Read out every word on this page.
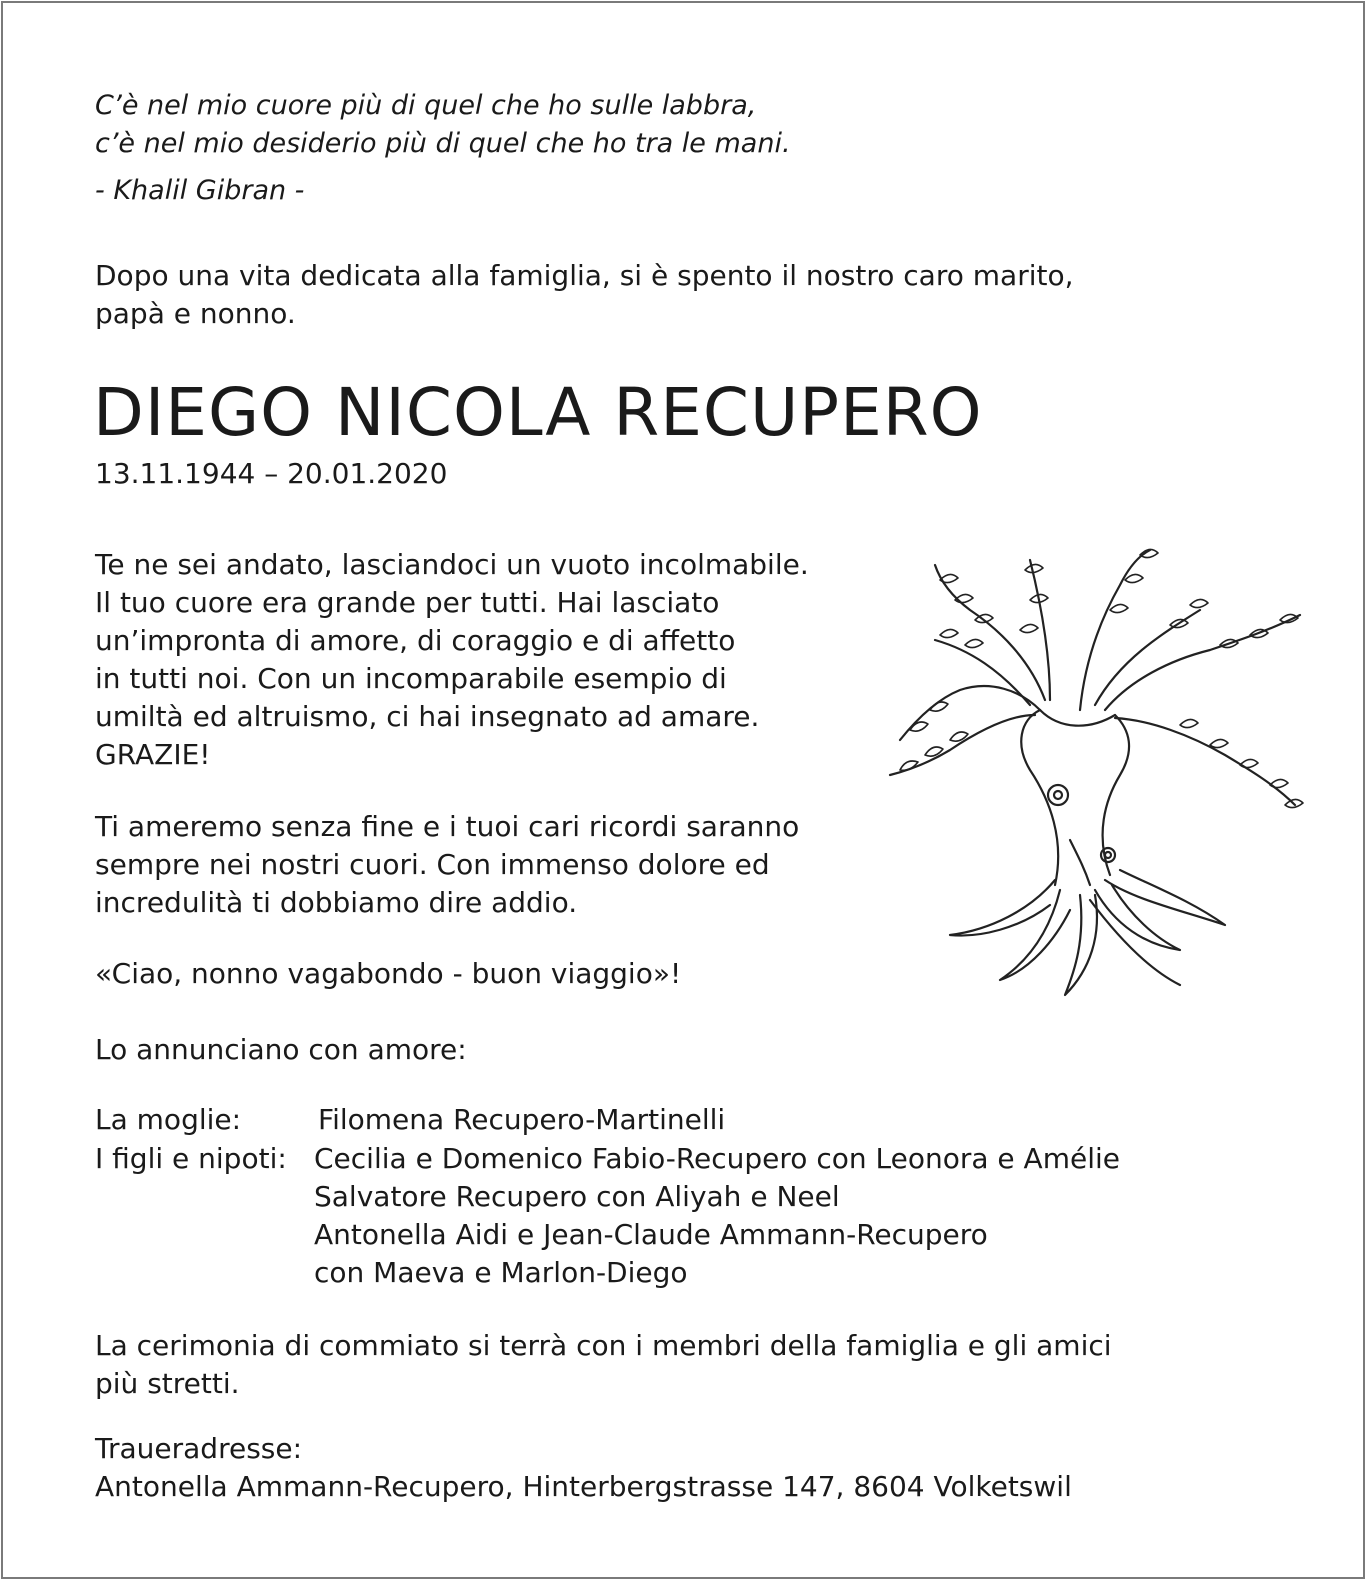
C’è nel mio cuore più di quel che ho sulle labbra,
c’è nel mio desiderio più di quel che ho tra le mani.
- Khalil Gibran -
Dopo una vita dedicata alla famiglia, si è spento il nostro caro marito,
papà e nonno.
DIEGO NICOLA RECUPERO
13.11.1944 – 20.01.2020
Te ne sei andato, lasciandoci un vuoto incolmabile.
Il tuo cuore era grande per tutti. Hai lasciato
un’impronta di amore, di coraggio e di affetto
in tutti noi. Con un incomparabile esempio di
umiltà ed altruismo, ci hai insegnato ad amare.
GRAZIE!
Ti ameremo senza fine e i tuoi cari ricordi saranno
sempre nei nostri cuori. Con immenso dolore ed
incredulità ti dobbiamo dire addio.
«Ciao, nonno vagabondo - buon viaggio»!
Lo annunciano con amore:
La moglie:	Filomena Recupero-Martinelli
I figli e nipoti: Cecilia e Domenico Fabio-Recupero con Leonora e Amélie
Salvatore Recupero con Aliyah e Neel
Antonella Aidi e Jean-Claude Ammann-Recupero
con Maeva e Marlon-Diego
La cerimonia di commiato si terrà con i membri della famiglia e gli amici
più stretti.
Traueradresse:
Antonella Ammann-Recupero, Hinterbergstrasse 147, 8604 Volketswil
